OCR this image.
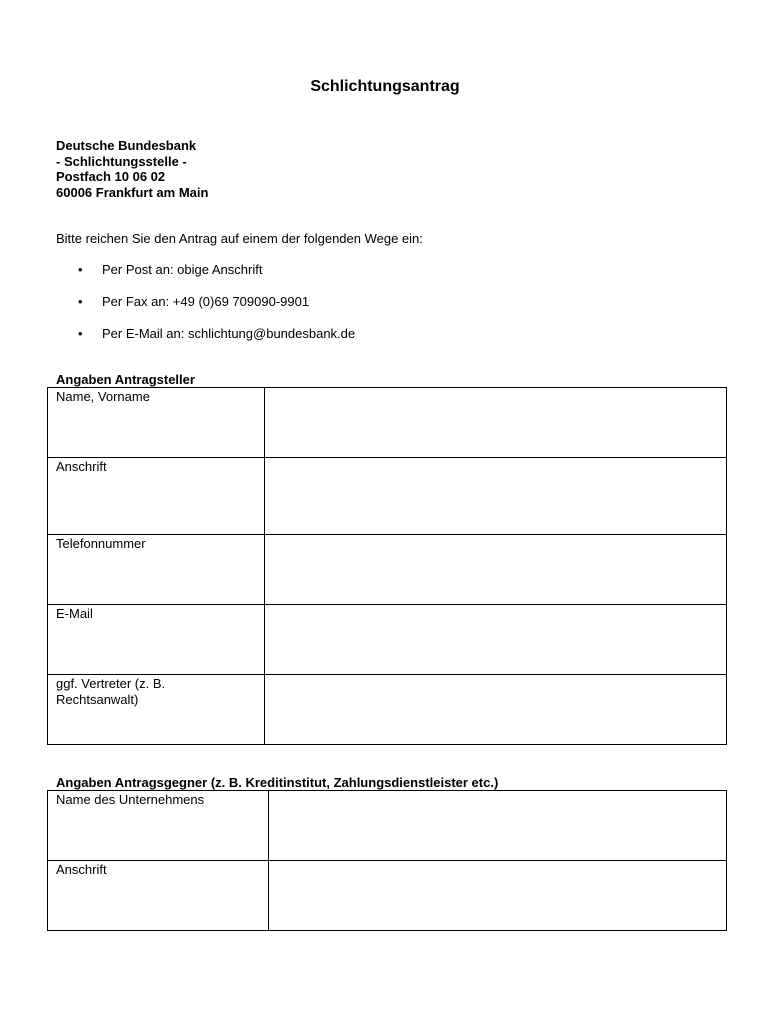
Schlichtungsantrag
Deutsche Bundesbank
- Schlichtungsstelle -
Postfach 10 06 02
60006 Frankfurt am Main
Bitte reichen Sie den Antrag auf einem der folgenden Wege ein:
• Per Post an: obige Anschrift
• Per Fax an: +49 (0)69 709090-9901
• Per E-Mail an: schlichtung@bundesbank.de
Angaben Antragsteller
Name, Vorname	
Anschrift	
Telefonnummer	
E-Mail	
ggf. Vertreter (z. B. Rechtsanwalt)	
Angaben Antragsgegner (z. B. Kreditinstitut, Zahlungsdienstleister etc.)
Name des Unternehmens	
Anschrift	
